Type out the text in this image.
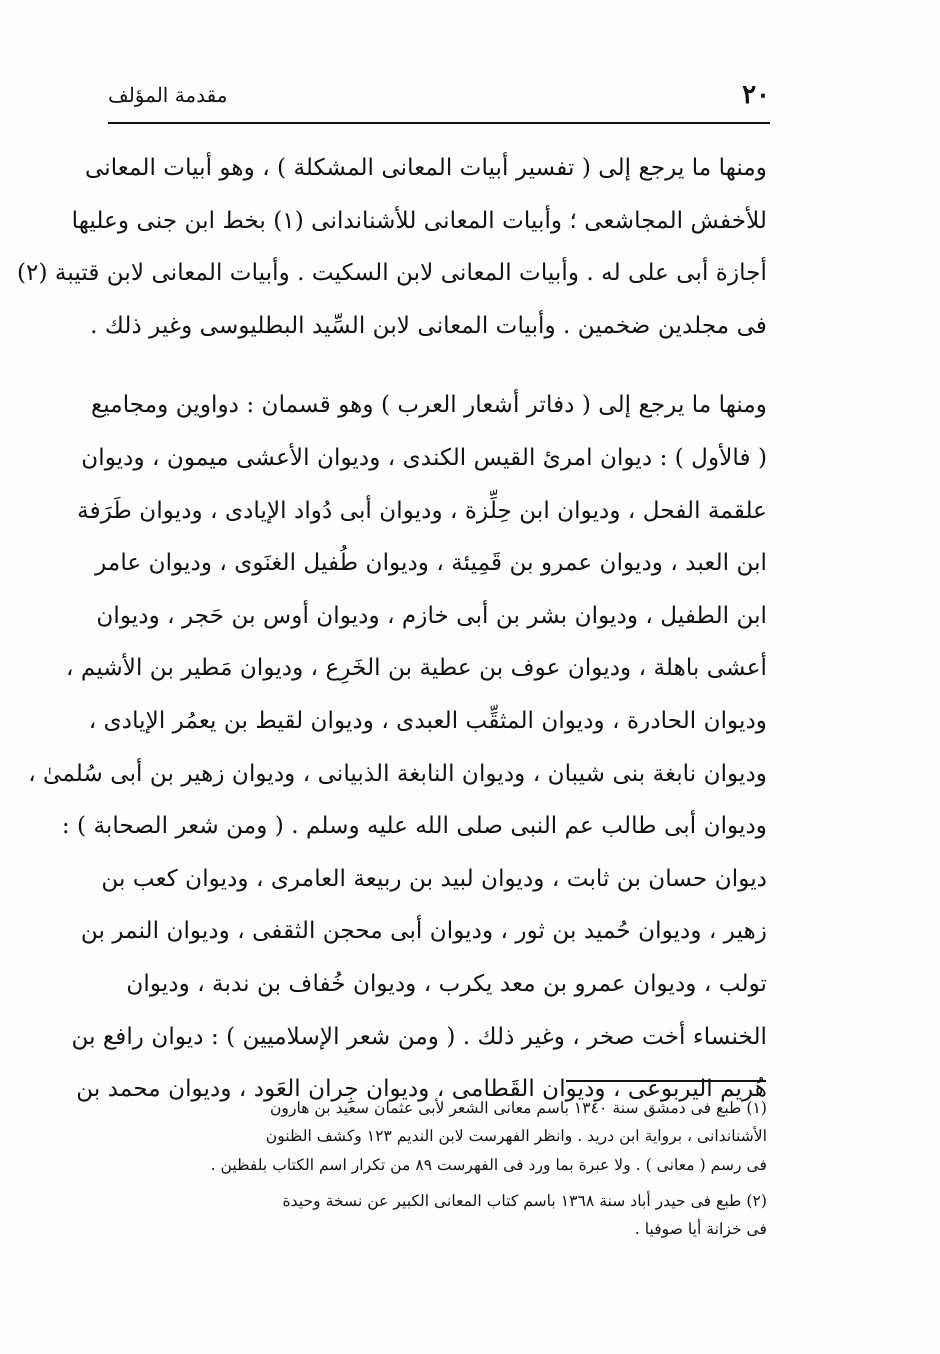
٢٠
مقدمة المؤلف
ومنها ما يرجع إلى ( تفسير أبيات المعانى المشكلة ) ، وهو أبيات المعانى
للأخفش المجاشعى ؛ وأبيات المعانى للأشناندانى (١) بخط ابن جنى وعليها
أجازة أبى على له . وأبيات المعانى لابن السكيت . وأبيات المعانى لابن قتيبة (٢)
فى مجلدين ضخمين . وأبيات المعانى لابن السِّيد البطليوسى وغير ذلك .
ومنها ما يرجع إلى ( دفاتر أشعار العرب ) وهو قسمان : دواوين ومجاميع
( فالأول ) : ديوان امرئ القيس الكندى ، وديوان الأعشى ميمون ، وديوان
علقمة الفحل ، وديوان ابن حِلِّزة ، وديوان أبى دُواد الإيادى ، وديوان طَرَفة
ابن العبد ، وديوان عمرو بن قَمِيئة ، وديوان طُفيل الغنَوى ، وديوان عامر
ابن الطفيل ، وديوان بشر بن أبى خازم ، وديوان أوس بن حَجر ، وديوان
أعشى باهلة ، وديوان عوف بن عطية بن الخَرِع ، وديوان مَطير بن الأشيم ،
وديوان الحادرة ، وديوان المثقِّب العبدى ، وديوان لقيط بن يعمُر الإيادى ،
وديوان نابغة بنى شيبان ، وديوان النابغة الذبيانى ، وديوان زهير بن أبى سُلمىٰ ،
وديوان أبى طالب عم النبى صلى الله عليه وسلم . ( ومن شعر الصحابة ) :
ديوان حسان بن ثابت ، وديوان لبيد بن ربيعة العامرى ، وديوان كعب بن
زهير ، وديوان حُميد بن ثور ، وديوان أبى محجن الثقفى ، وديوان النمر بن
تولب ، وديوان عمرو بن معد يكرب ، وديوان خُفاف بن ندبة ، وديوان
الخنساء أخت صخر ، وغير ذلك . ( ومن شعر الإسلاميين ) : ديوان رافع بن
هُريم اليربوعى ، وديوان القَطامى ، وديوان جِران العَود ، وديوان محمد بن
(١) طبع فى دمشق سنة ١٣٤٠ باسم معانى الشعر لأبى عثمان سعيد بن هارون
الأشناندانى ، برواية ابن دريد . وانظر الفهرست لابن النديم ١٢٣ وكشف الظنون
فى رسم ( معانى ) . ولا عبرة بما ورد فى الفهرست ٨٩ من تكرار اسم الكتاب بلفظين .
(٢) طبع فى حيدر أباد سنة ١٣٦٨ باسم كتاب المعانى الكبير عن نسخة وحيدة
فى خزانة أيا صوفيا .
